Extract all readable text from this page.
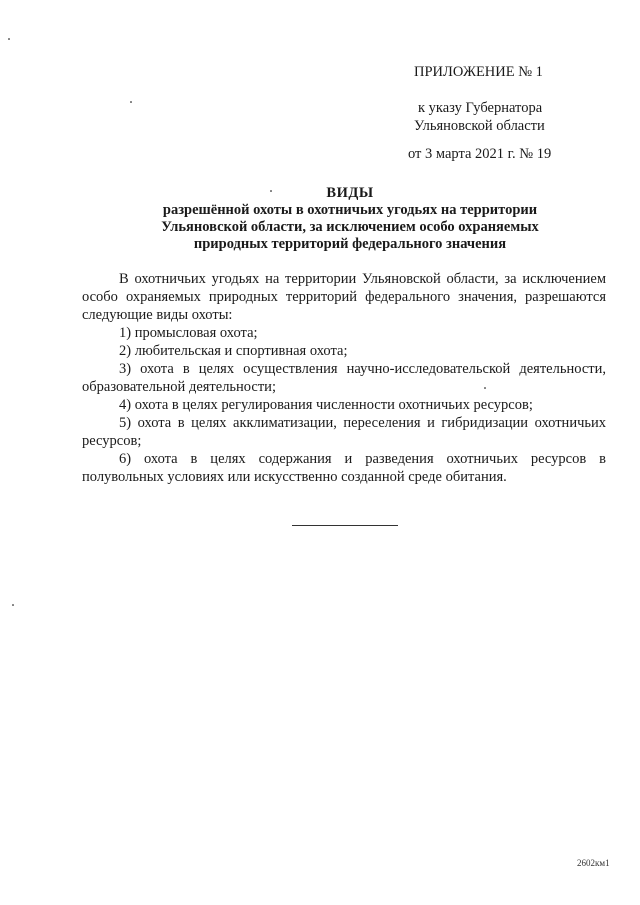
ПРИЛОЖЕНИЕ № 1
к указу Губернатора
Ульяновской области
от 3 марта 2021 г. № 19
ВИДЫ
разрешённой охоты в охотничьих угодьях на территории
Ульяновской области, за исключением особо охраняемых
природных территорий федерального значения
В охотничьих угодьях на территории Ульяновской области, за исключением особо охраняемых природных территорий федерального значения, разрешаются следующие виды охоты:
1) промысловая охота;
2) любительская и спортивная охота;
3) охота в целях осуществления научно-исследовательской деятельности, образовательной деятельности;
4) охота в целях регулирования численности охотничьих ресурсов;
5) охота в целях акклиматизации, переселения и гибридизации охотничьих ресурсов;
6) охота в целях содержания и разведения охотничьих ресурсов в полувольных условиях или искусственно созданной среде обитания.
2602км1
